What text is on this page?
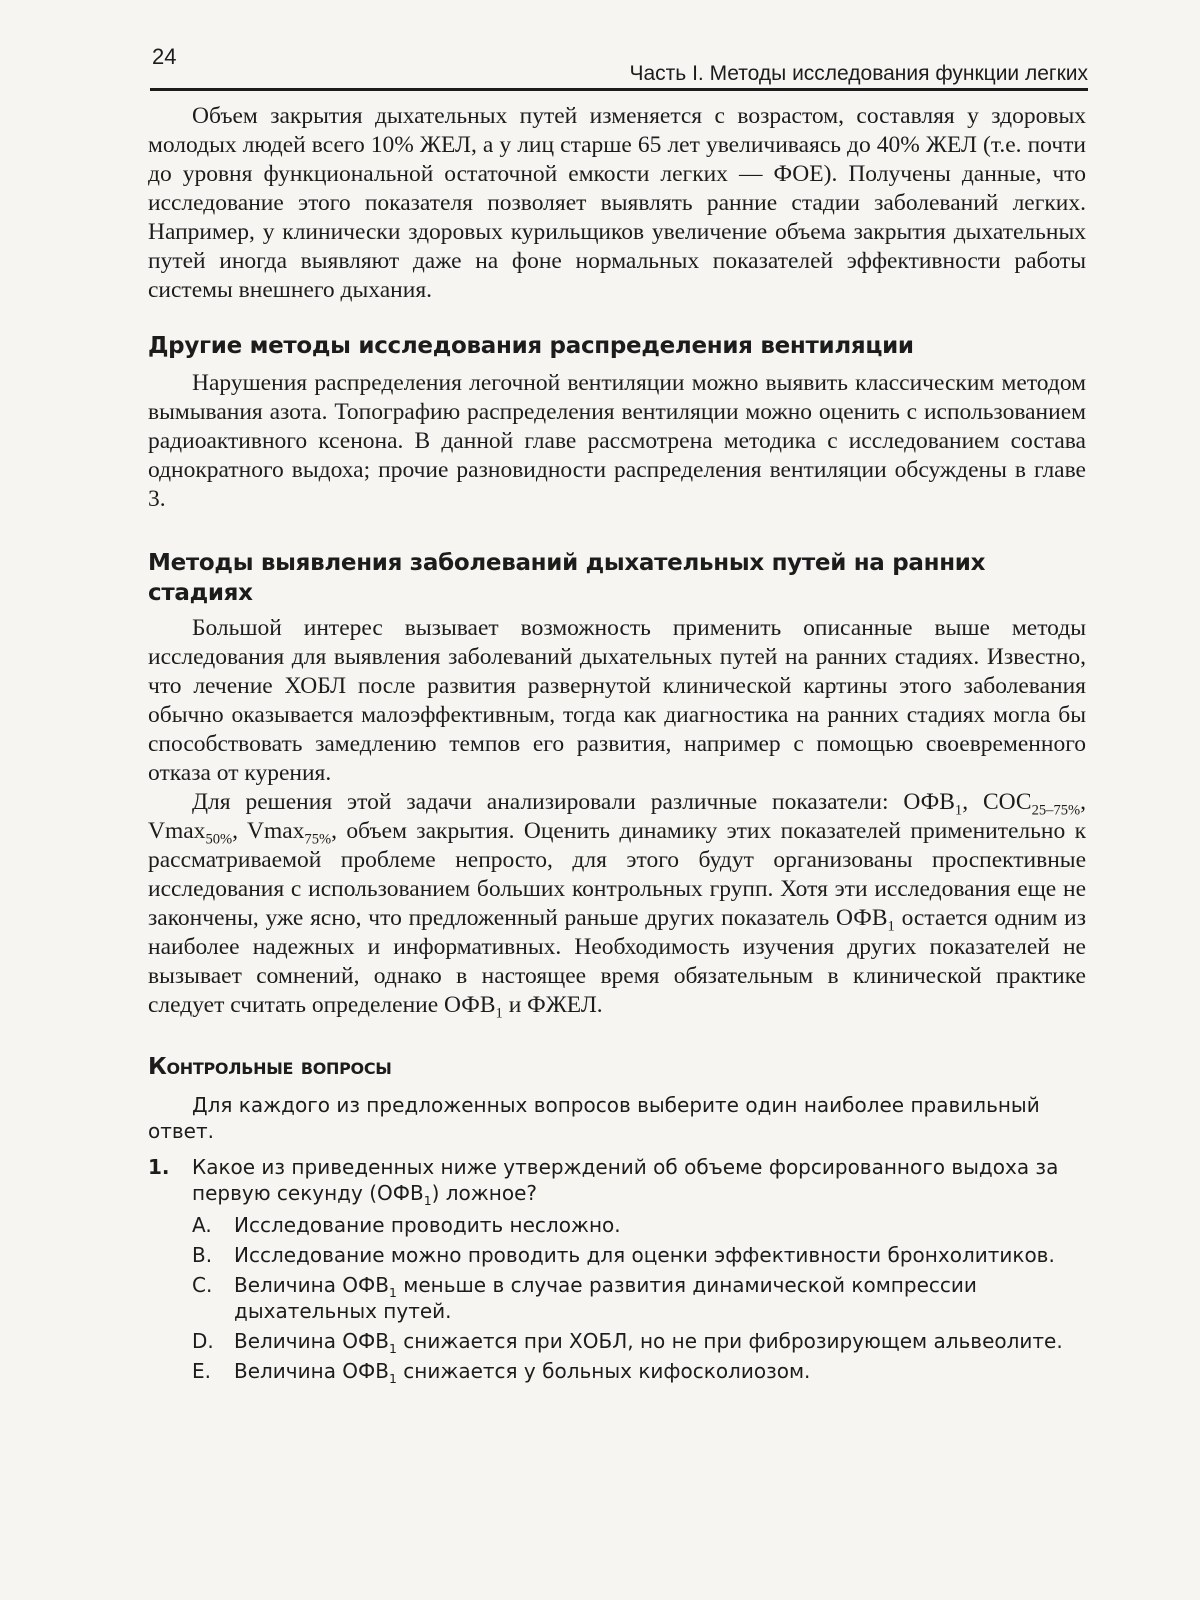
24
Часть I. Методы исследования функции легких

Объем закрытия дыхательных путей изменяется с возрастом, составляя у здоровых молодых людей всего 10% ЖЕЛ, а у лиц старше 65 лет увеличиваясь до 40% ЖЕЛ (т.е. почти до уровня функциональной остаточной емкости легких — ФОЕ). Получены данные, что исследование этого показателя позволяет выявлять ранние стадии заболеваний легких. Например, у клинически здоровых курильщиков увеличение объема закрытия дыхательных путей иногда выявляют даже на фоне нормальных показателей эффективности работы системы внешнего дыхания.

Другие методы исследования распределения вентиляции

Нарушения распределения легочной вентиляции можно выявить классическим методом вымывания азота. Топографию распределения вентиляции можно оценить с использованием радиоактивного ксенона. В данной главе рассмотрена методика с исследованием состава однократного выдоха; прочие разновидности распределения вентиляции обсуждены в главе 3.

Методы выявления заболеваний дыхательных путей на ранних стадиях

Большой интерес вызывает возможность применить описанные выше методы исследования для выявления заболеваний дыхательных путей на ранних стадиях. Известно, что лечение ХОБЛ после развития развернутой клинической картины этого заболевания обычно оказывается малоэффективным, тогда как диагностика на ранних стадиях могла бы способствовать замедлению темпов его развития, например с помощью своевременного отказа от курения.

Для решения этой задачи анализировали различные показатели: $ОФВ_1$, $СОС_{25-75\%}$, Vmax$_{50\%}$, Vmax$_{75\%}$, объем закрытия. Оценить динамику этих показателей применительно к рассматриваемой проблеме непросто, для этого будут организованы проспективные исследования с использованием больших контрольных групп. Хотя эти исследования еще не закончены, уже ясно, что предложенный раньше других показатель $ОФВ_1$ остается одним из наиболее надежных и информативных. Необходимость изучения других показателей не вызывает сомнений, однако в настоящее время обязательным в клинической практике следует считать определение $ОФВ_1$ и ФЖЕЛ.

Контрольные вопросы

Для каждого из предложенных вопросов выберите один наиболее правильный ответ.

1. Какое из приведенных ниже утверждений об объеме форсированного выдоха за первую секунду $(ОФВ_1)$ ложное?
A. Исследование проводить несложно.
B. Исследование можно проводить для оценки эффективности бронхолитиков.
C. Величина $ОФВ_1$ меньше в случае развития динамической компрессии дыхательных путей.
D. Величина $ОФВ_1$ снижается при ХОБЛ, но не при фиброзирующем альвеолите.
E. Величина $ОФВ_1$ снижается у больных кифосколиозом.
